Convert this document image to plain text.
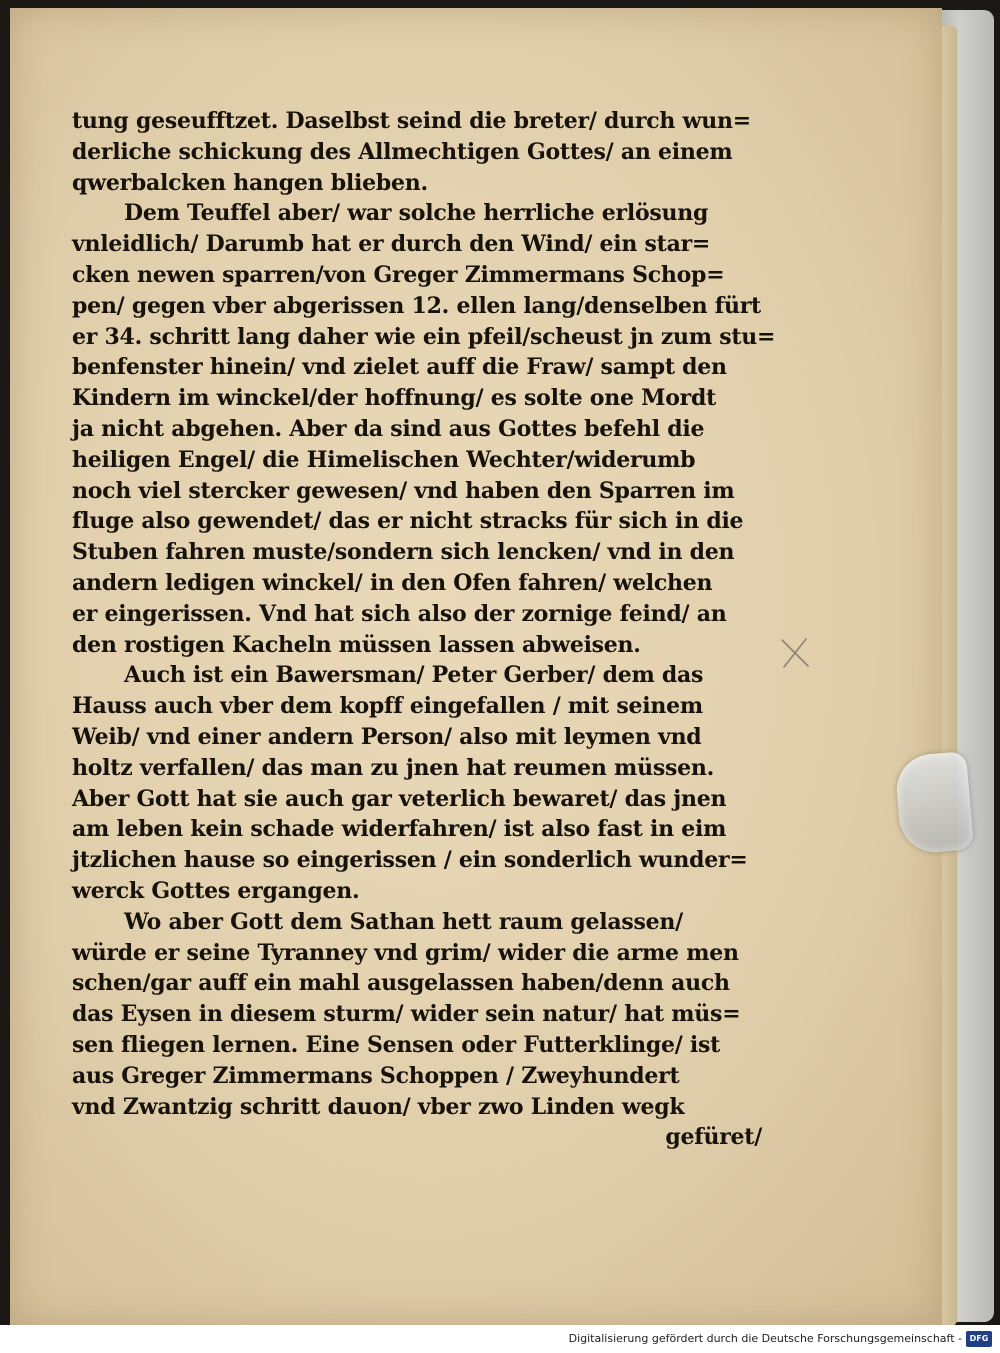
tung geseufftzet. Daselbst seind die breter/ durch wun=
derliche schickung des Allmechtigen Gottes/ an einem
qwerbalcken hangen blieben.
Dem Teuffel aber/ war solche herrliche erlösung
vnleidlich/ Darumb hat er durch den Wind/ ein star=
cken newen sparren/von Greger Zimmermans Schop=
pen/ gegen vber abgerissen 12. ellen lang/denselben fürt
er 34. schritt lang daher wie ein pfeil/scheust jn zum stu=
benfenster hinein/ vnd zielet auff die Fraw/ sampt den
Kindern im winckel/der hoffnung/ es solte one Mordt
ja nicht abgehen. Aber da sind aus Gottes befehl die
heiligen Engel/ die Himelischen Wechter/widerumb
noch viel stercker gewesen/ vnd haben den Sparren im
fluge also gewendet/ das er nicht stracks für sich in die
Stuben fahren muste/sondern sich lencken/ vnd in den
andern ledigen winckel/ in den Ofen fahren/ welchen
er eingerissen. Vnd hat sich also der zornige feind/ an
den rostigen Kacheln müssen lassen abweisen.
Auch ist ein Bawersman/ Peter Gerber/ dem das
Hauss auch vber dem kopff eingefallen / mit seinem
Weib/ vnd einer andern Person/ also mit leymen vnd
holtz verfallen/ das man zu jnen hat reumen müssen.
Aber Gott hat sie auch gar veterlich bewaret/ das jnen
am leben kein schade widerfahren/ ist also fast in eim
jtzlichen hause so eingerissen / ein sonderlich wunder=
werck Gottes ergangen.
Wo aber Gott dem Sathan hett raum gelassen/
würde er seine Tyranney vnd grim/ wider die arme men
schen/gar auff ein mahl ausgelassen haben/denn auch
das Eysen in diesem sturm/ wider sein natur/ hat müs=
sen fliegen lernen. Eine Sensen oder Futterklinge/ ist
aus Greger Zimmermans Schoppen / Zweyhundert
vnd Zwantzig schritt dauon/ vber zwo Linden wegk
gefüret/
Digitalisierung gefördert durch die Deutsche Forschungsgemeinschaft - DFG
